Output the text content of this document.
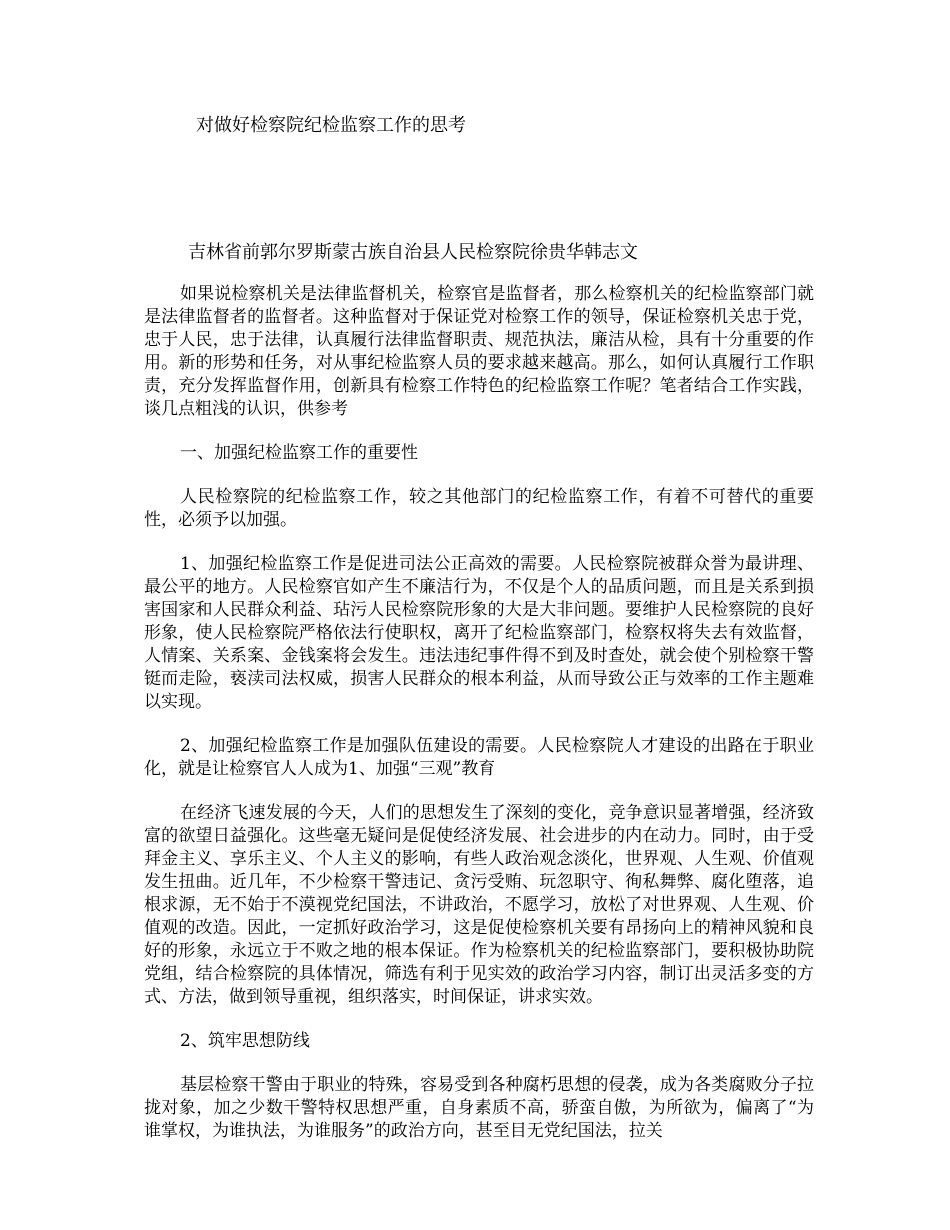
对做好检察院纪检监察工作的思考
吉林省前郭尔罗斯蒙古族自治县人民检察院徐贵华韩志文

如果说检察机关是法律监督机关，检察官是监督者，那么检察机关的纪检监察部门就是法律监督者的监督者。这种监督对于保证党对检察工作的领导，保证检察机关忠于党，忠于人民，忠于法律，认真履行法律监督职责、规范执法，廉洁从检，具有十分重要的作用。新的形势和任务，对从事纪检监察人员的要求越来越高。那么，如何认真履行工作职责，充分发挥监督作用，创新具有检察工作特色的纪检监察工作呢？笔者结合工作实践，谈几点粗浅的认识，供参考

一、加强纪检监察工作的重要性

人民检察院的纪检监察工作，较之其他部门的纪检监察工作，有着不可替代的重要性，必须予以加强。

1、加强纪检监察工作是促进司法公正高效的需要。人民检察院被群众誉为最讲理、最公平的地方。人民检察官如产生不廉洁行为，不仅是个人的品质问题，而且是关系到损害国家和人民群众利益、玷污人民检察院形象的大是大非问题。要维护人民检察院的良好形象，使人民检察院严格依法行使职权，离开了纪检监察部门，检察权将失去有效监督，人情案、关系案、金钱案将会发生。违法违纪事件得不到及时查处，就会使个别检察干警铤而走险，亵渎司法权威，损害人民群众的根本利益，从而导致公正与效率的工作主题难以实现。

2、加强纪检监察工作是加强队伍建设的需要。人民检察院人才建设的出路在于职业化，就是让检察官人人成为1、加强“三观”教育

在经济飞速发展的今天，人们的思想发生了深刻的变化，竞争意识显著增强，经济致富的欲望日益强化。这些毫无疑问是促使经济发展、社会进步的内在动力。同时，由于受拜金主义、享乐主义、个人主义的影响，有些人政治观念淡化，世界观、人生观、价值观发生扭曲。近几年，不少检察干警违记、贪污受贿、玩忽职守、徇私舞弊、腐化堕落，追根求源，无不始于不漠视党纪国法，不讲政治，不愿学习，放松了对世界观、人生观、价值观的改造。因此，一定抓好政治学习，这是促使检察机关要有昂扬向上的精神风貌和良好的形象，永远立于不败之地的根本保证。作为检察机关的纪检监察部门，要积极协助院党组，结合检察院的具体情况，筛选有利于见实效的政治学习内容，制订出灵活多变的方式、方法，做到领导重视，组织落实，时间保证，讲求实效。

2、筑牢思想防线

基层检察干警由于职业的特殊，容易受到各种腐朽思想的侵袭，成为各类腐败分子拉拢对象，加之少数干警特权思想严重，自身素质不高，骄蛮自傲，为所欲为，偏离了“为谁掌权，为谁执法，为谁服务”的政治方向，甚至目无党纪国法，拉关
